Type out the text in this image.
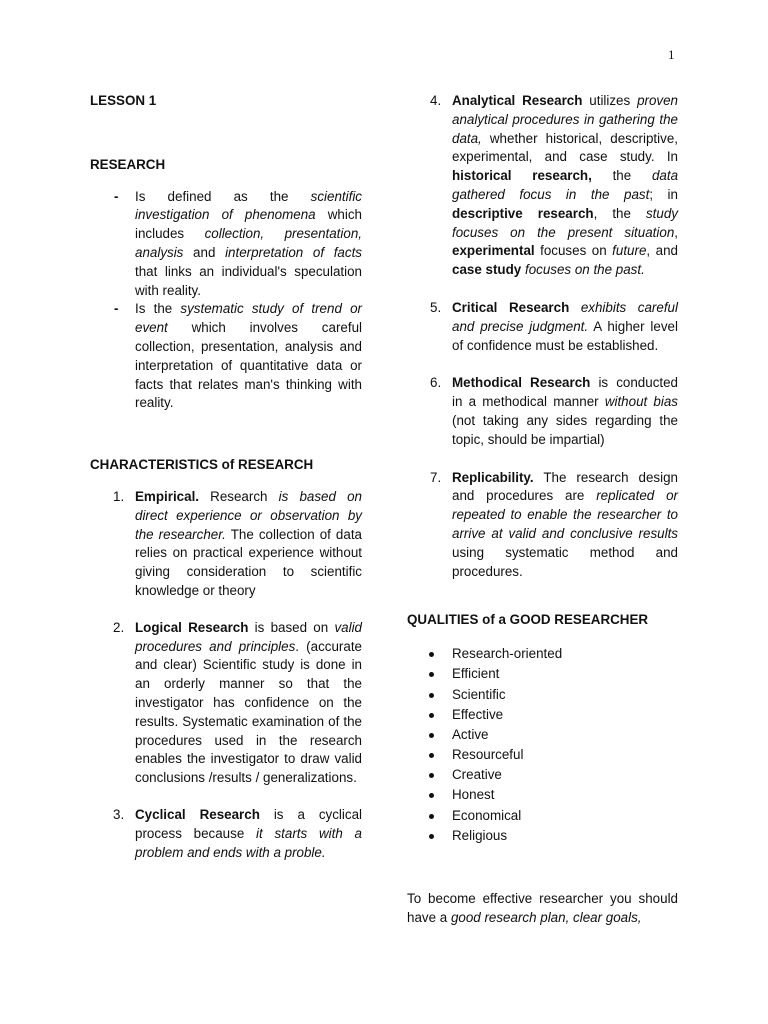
1

LESSON 1

RESEARCH

- Is defined as the scientific investigation of phenomena which includes collection, presentation, analysis and interpretation of facts that links an individual's speculation with reality.
- Is the systematic study of trend or event which involves careful collection, presentation, analysis and interpretation of quantitative data or facts that relates man's thinking with reality.

CHARACTERISTICS of RESEARCH

1. Empirical. Research is based on direct experience or observation by the researcher. The collection of data relies on practical experience without giving consideration to scientific knowledge or theory
2. Logical Research is based on valid procedures and principles. (accurate and clear) Scientific study is done in an orderly manner so that the investigator has confidence on the results. Systematic examination of the procedures used in the research enables the investigator to draw valid conclusions /results / generalizations.
3. Cyclical Research is a cyclical process because it starts with a problem and ends with a proble.
4. Analytical Research utilizes proven analytical procedures in gathering the data, whether historical, descriptive, experimental, and case study. In historical research, the data gathered focus in the past; in descriptive research, the study focuses on the present situation, experimental focuses on future, and case study focuses on the past.
5. Critical Research exhibits careful and precise judgment. A higher level of confidence must be established.
6. Methodical Research is conducted in a methodical manner without bias (not taking any sides regarding the topic, should be impartial)
7. Replicability. The research design and procedures are replicated or repeated to enable the researcher to arrive at valid and conclusive results using systematic method and procedures.

QUALITIES of a GOOD RESEARCHER

Research-oriented
Efficient
Scientific
Effective
Active
Resourceful
Creative
Honest
Economical
Religious
To become effective researcher you should have a good research plan, clear goals,
